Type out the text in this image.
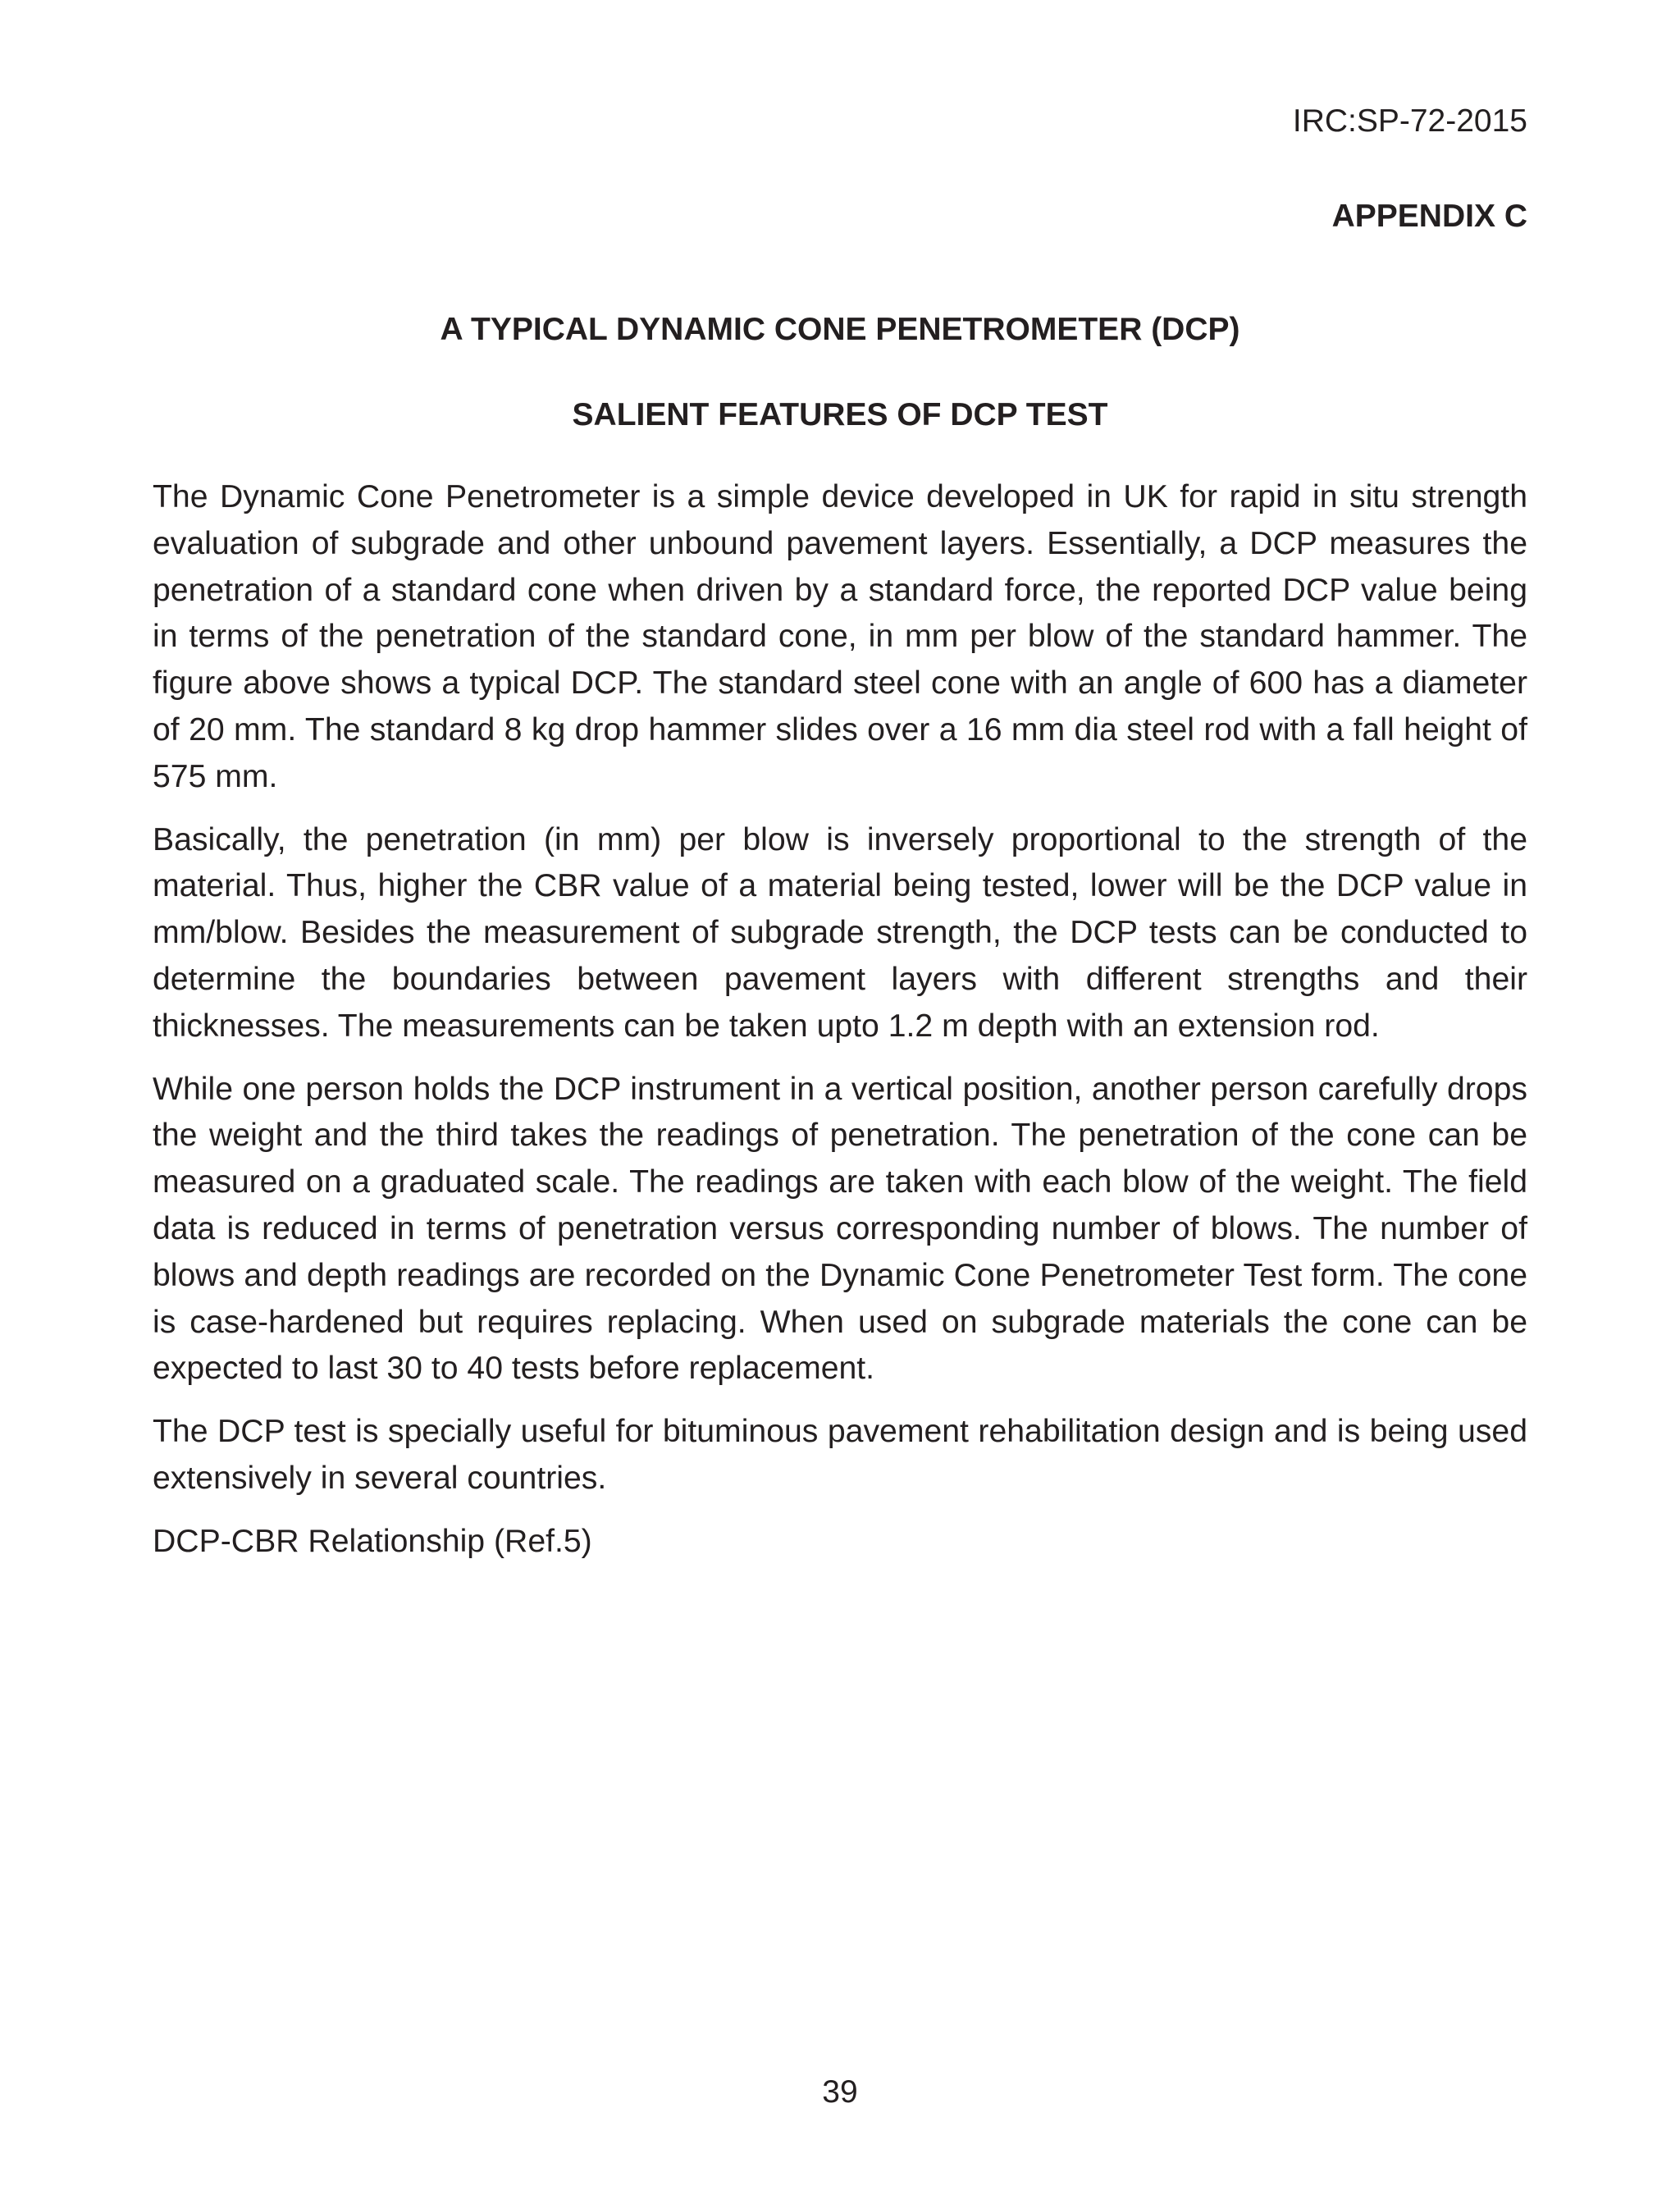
IRC:SP-72-2015

APPENDIX C

A TYPICAL DYNAMIC CONE PENETROMETER (DCP)
SALIENT FEATURES OF DCP TEST

The Dynamic Cone Penetrometer is a simple device developed in UK for rapid in situ strength evaluation of subgrade and other unbound pavement layers. Essentially, a DCP measures the penetration of a standard cone when driven by a standard force, the reported DCP value being in terms of the penetration of the standard cone, in mm per blow of the standard hammer. The figure above shows a typical DCP. The standard steel cone with an angle of 600 has a diameter of 20 mm. The standard 8 kg drop hammer slides over a 16 mm dia steel rod with a fall height of 575 mm.

Basically, the penetration (in mm) per blow is inversely proportional to the strength of the material. Thus, higher the CBR value of a material being tested, lower will be the DCP value in mm/blow. Besides the measurement of subgrade strength, the DCP tests can be conducted to determine the boundaries between pavement layers with different strengths and their thicknesses. The measurements can be taken upto 1.2 m depth with an extension rod.

While one person holds the DCP instrument in a vertical position, another person carefully drops the weight and the third takes the readings of penetration. The penetration of the cone can be measured on a graduated scale. The readings are taken with each blow of the weight. The field data is reduced in terms of penetration versus corresponding number of blows. The number of blows and depth readings are recorded on the Dynamic Cone Penetrometer Test form. The cone is case-hardened but requires replacing. When used on subgrade materials the cone can be expected to last 30 to 40 tests before replacement.

The DCP test is specially useful for bituminous pavement rehabilitation design and is being used extensively in several countries.

DCP-CBR Relationship (Ref.5)

39
